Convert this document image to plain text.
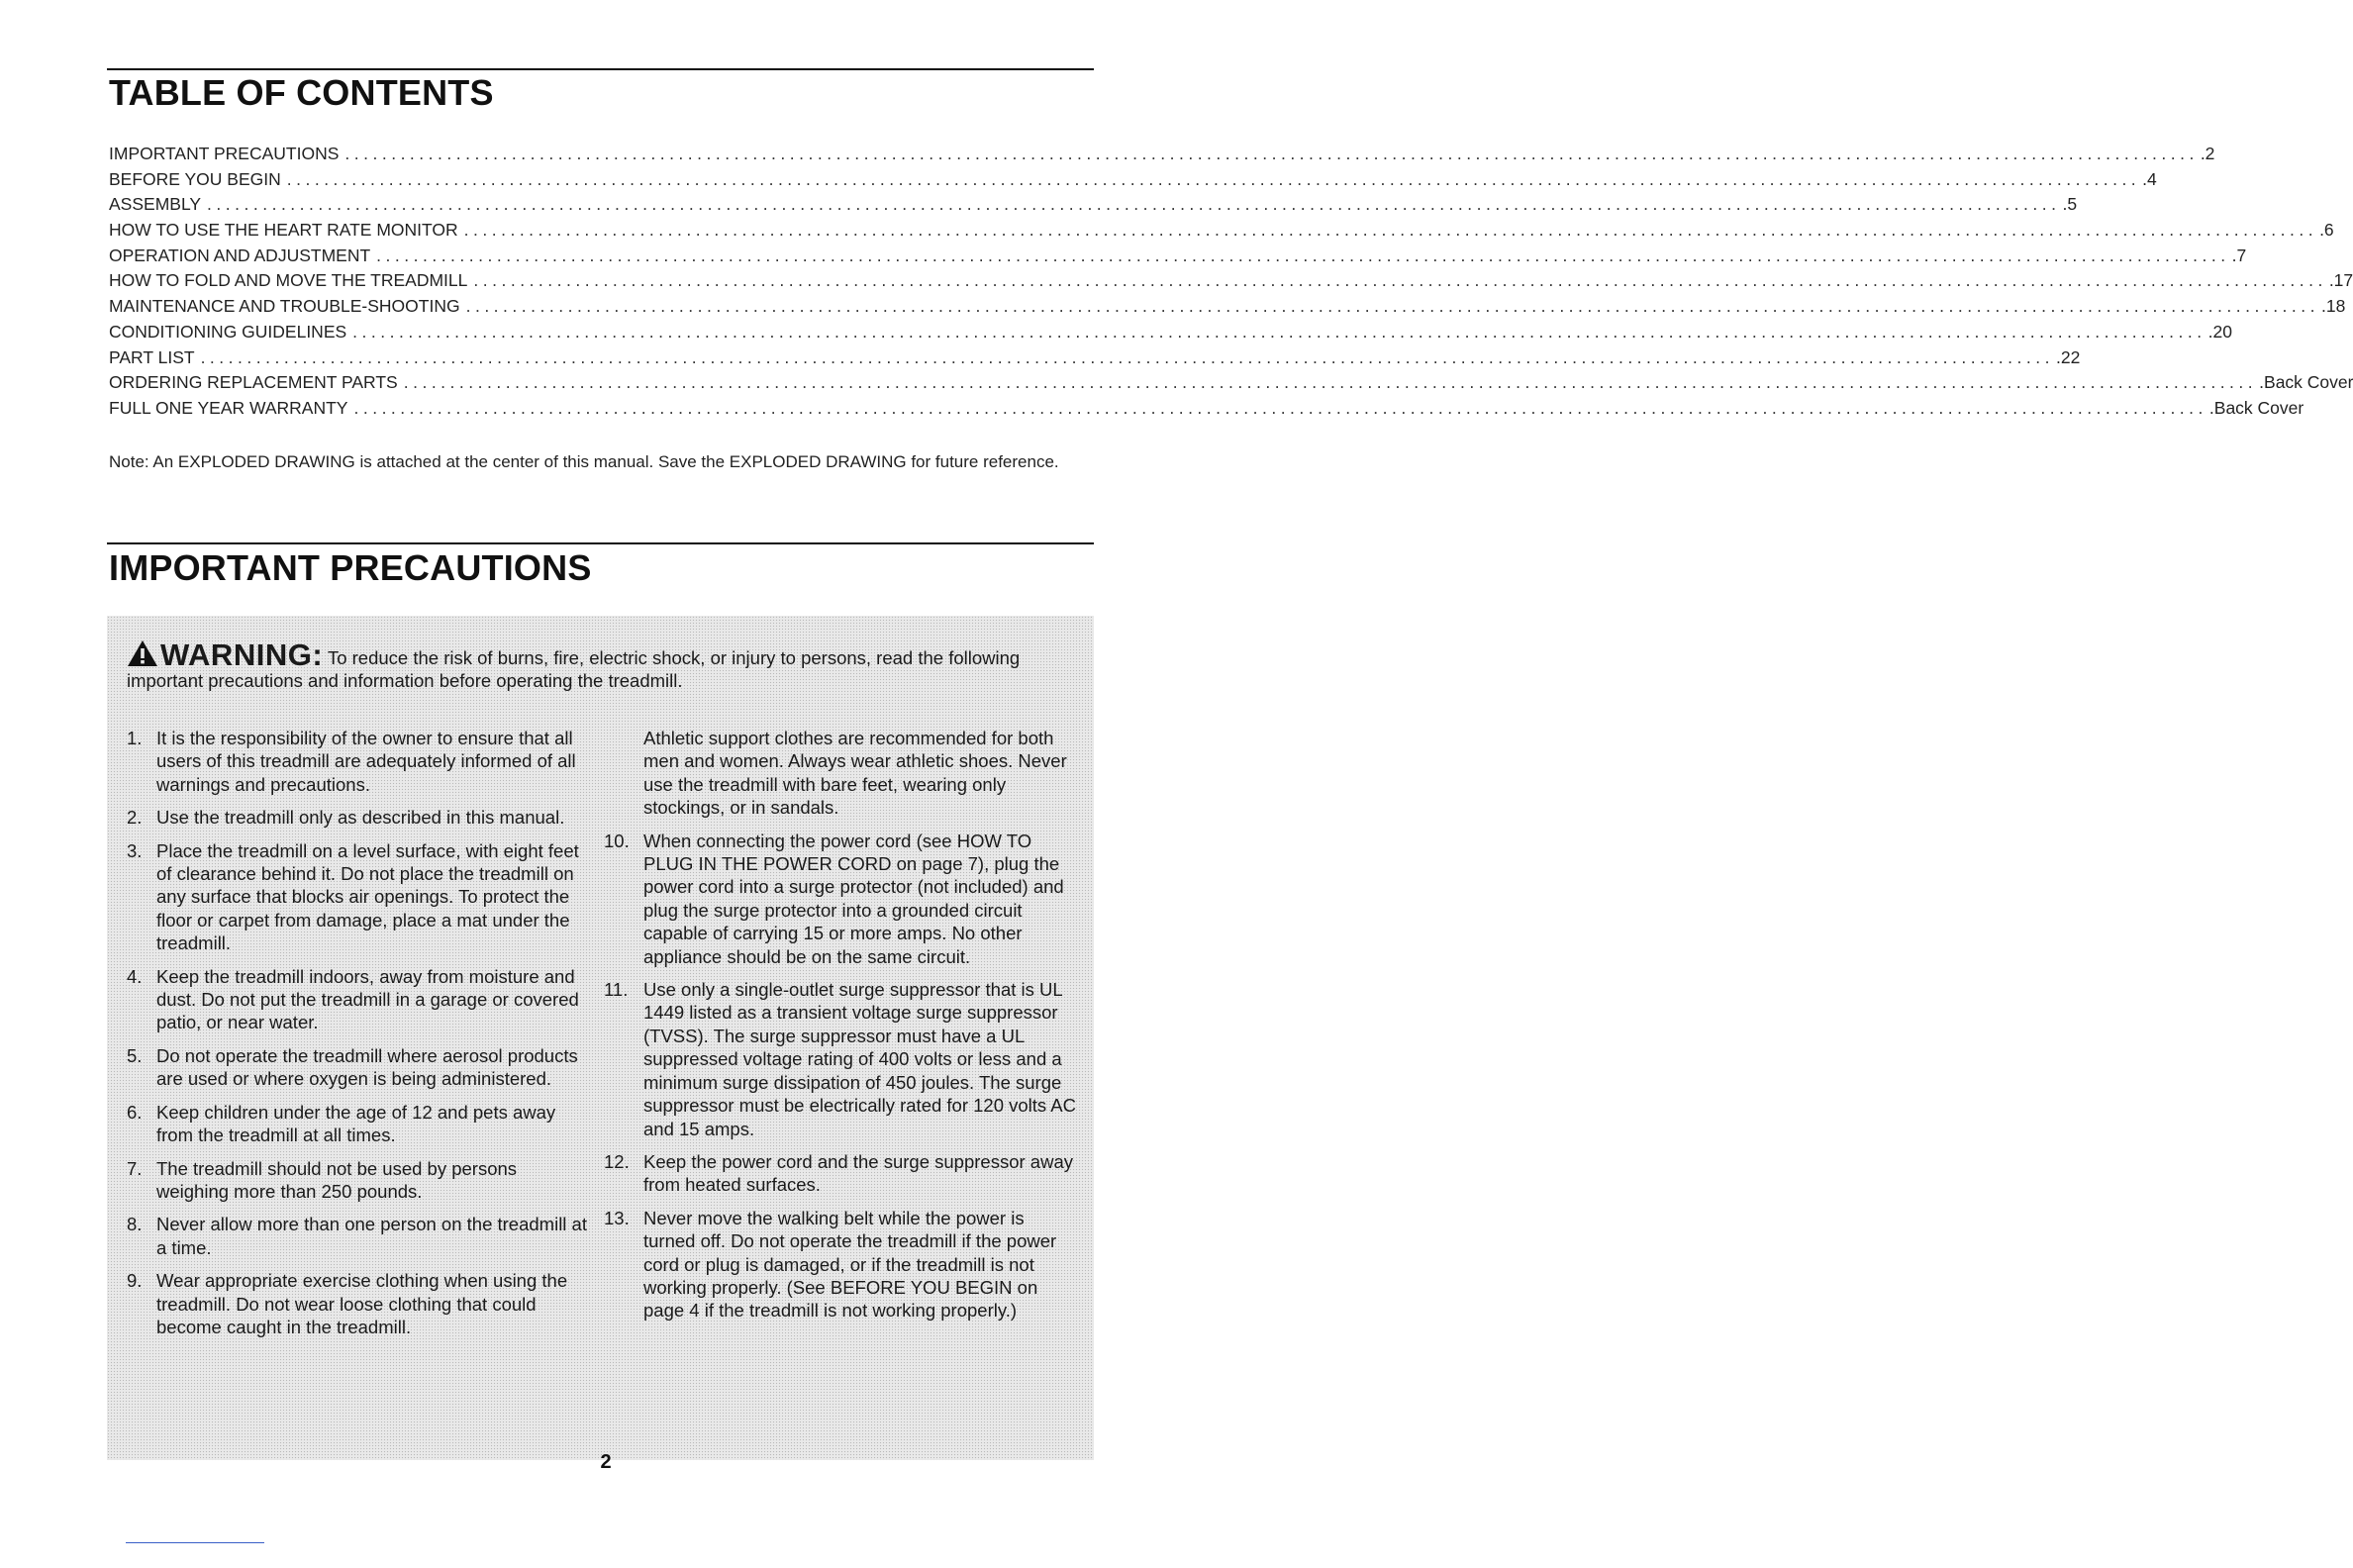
TABLE OF CONTENTS
IMPORTANT PRECAUTIONS ........................................................................................................................................................................................................ .2
BEFORE YOU BEGIN ........................................................................................................................................................................................................ .4
ASSEMBLY ........................................................................................................................................................................................................ .5
HOW TO USE THE HEART RATE MONITOR ........................................................................................................................................................................................................ .6
OPERATION AND ADJUSTMENT ........................................................................................................................................................................................................ .7
HOW TO FOLD AND MOVE THE TREADMILL ........................................................................................................................................................................................................ .17
MAINTENANCE AND TROUBLE-SHOOTING ........................................................................................................................................................................................................ .18
CONDITIONING GUIDELINES ........................................................................................................................................................................................................ .20
PART LIST ........................................................................................................................................................................................................ .22
ORDERING REPLACEMENT PARTS ........................................................................................................................................................................................................ .Back Cover
FULL ONE YEAR WARRANTY ........................................................................................................................................................................................................ .Back Cover

Note: An EXPLODED DRAWING is attached at the center of this manual. Save the EXPLODED DRAWING for future reference.

IMPORTANT PRECAUTIONS

WARNING: To reduce the risk of burns, fire, electric shock, or injury to persons, read the following important precautions and information before operating the treadmill.

1. It is the responsibility of the owner to ensure that all users of this treadmill are adequately informed of all warnings and precautions.
2. Use the treadmill only as described in this manual.
3. Place the treadmill on a level surface, with eight feet of clearance behind it. Do not place the treadmill on any surface that blocks air openings. To protect the floor or carpet from damage, place a mat under the treadmill.
4. Keep the treadmill indoors, away from moisture and dust. Do not put the treadmill in a garage or covered patio, or near water.
5. Do not operate the treadmill where aerosol products are used or where oxygen is being administered.
6. Keep children under the age of 12 and pets away from the treadmill at all times.
7. The treadmill should not be used by persons weighing more than 250 pounds.
8. Never allow more than one person on the treadmill at a time.
9. Wear appropriate exercise clothing when using the treadmill. Do not wear loose clothing that could become caught in the treadmill.
Athletic support clothes are recommended for both men and women. Always wear athletic shoes. Never use the treadmill with bare feet, wearing only stockings, or in sandals.
10. When connecting the power cord (see HOW TO PLUG IN THE POWER CORD on page 7), plug the power cord into a surge protector (not included) and plug the surge protector into a grounded circuit capable of carrying 15 or more amps. No other appliance should be on the same circuit.
11. Use only a single-outlet surge suppressor that is UL 1449 listed as a transient voltage surge suppressor (TVSS). The surge suppressor must have a UL suppressed voltage rating of 400 volts or less and a minimum surge dissipation of 450 joules. The surge suppressor must be electrically rated for 120 volts AC and 15 amps.
12. Keep the power cord and the surge suppressor away from heated surfaces.
13. Never move the walking belt while the power is turned off. Do not operate the treadmill if the power cord or plug is damaged, or if the treadmill is not working properly. (See BEFORE YOU BEGIN on page 4 if the treadmill is not working properly.)
2
